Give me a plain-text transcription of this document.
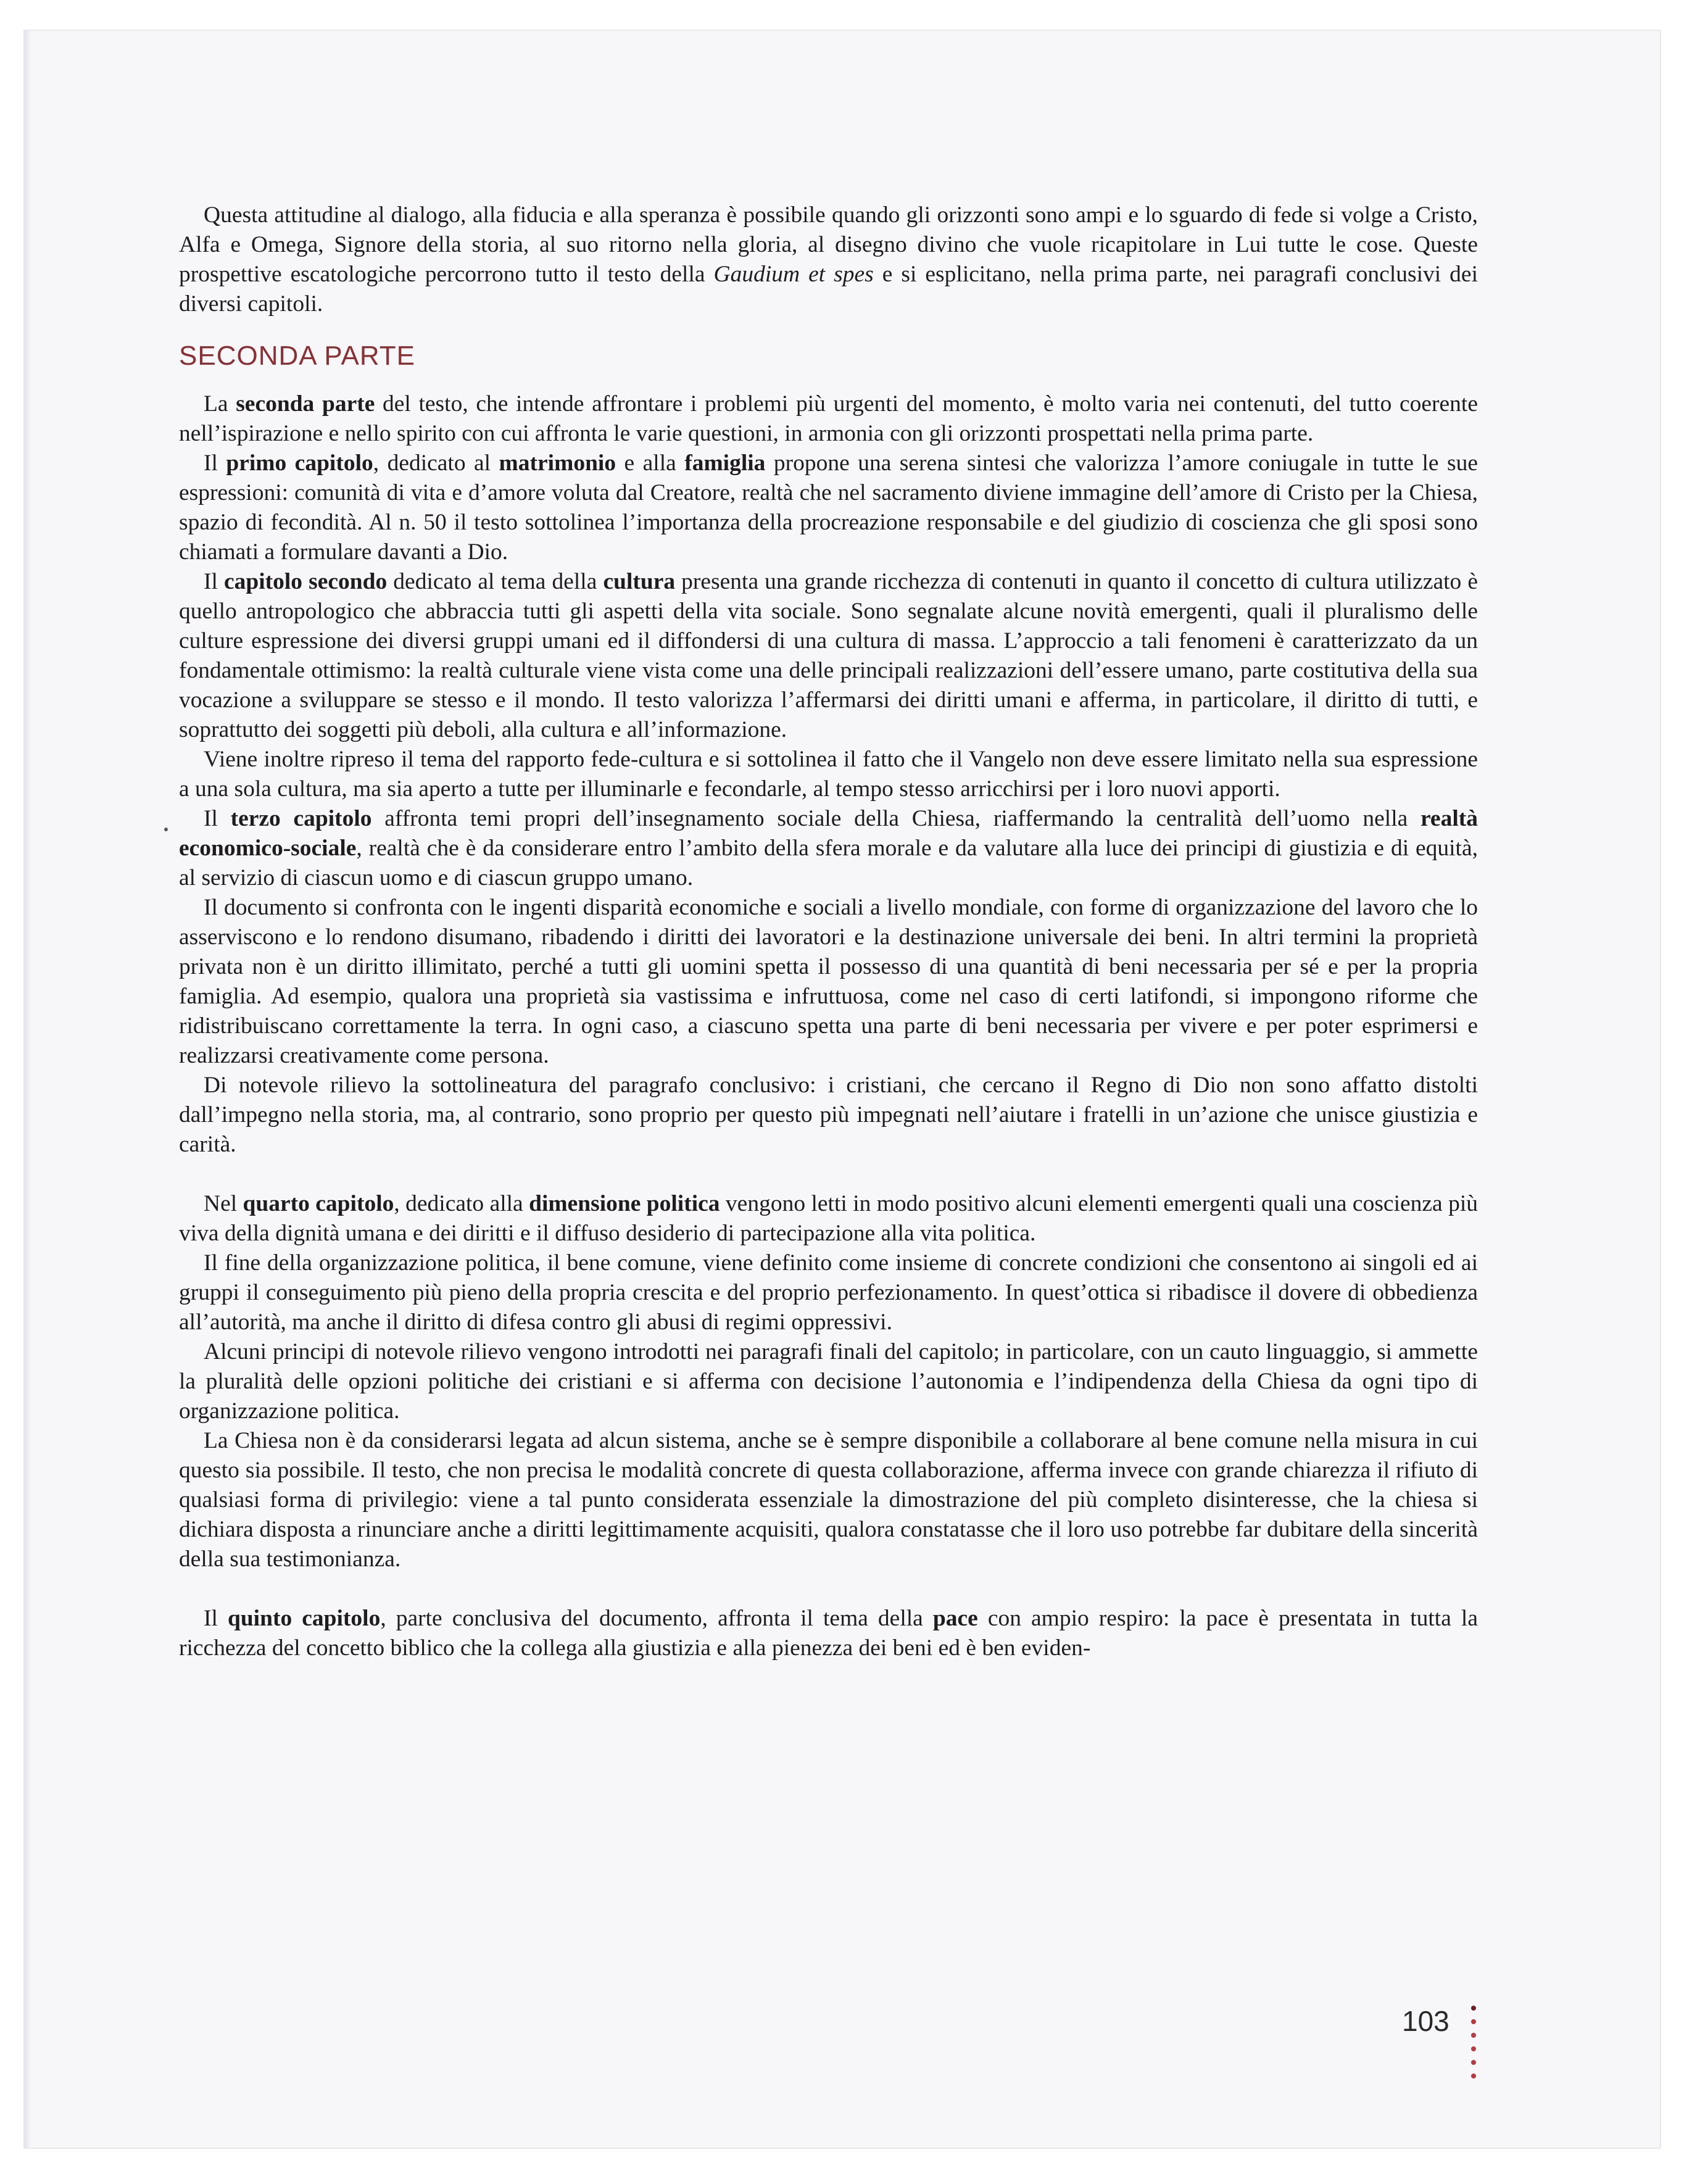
Questa attitudine al dialogo, alla fiducia e alla speranza è possibile quando gli orizzonti sono ampi e lo sguardo di fede si volge a Cristo, Alfa e Omega, Signore della storia, al suo ritorno nella gloria, al disegno divino che vuole ricapitolare in Lui tutte le cose. Queste prospettive escatologiche percorrono tutto il testo della Gaudium et spes e si esplicitano, nella prima parte, nei paragrafi conclusivi dei diversi capitoli.

SECONDA PARTE

La seconda parte del testo, che intende affrontare i problemi più urgenti del momento, è molto varia nei contenuti, del tutto coerente nell’ispirazione e nello spirito con cui affronta le varie questioni, in armonia con gli orizzonti prospettati nella prima parte.

Il primo capitolo, dedicato al matrimonio e alla famiglia propone una serena sintesi che valorizza l’amore coniugale in tutte le sue espressioni: comunità di vita e d’amore voluta dal Creatore, realtà che nel sacramento diviene immagine dell’amore di Cristo per la Chiesa, spazio di fecondità. Al n. 50 il testo sottolinea l’importanza della procreazione responsabile e del giudizio di coscienza che gli sposi sono chiamati a formulare davanti a Dio.

Il capitolo secondo dedicato al tema della cultura presenta una grande ricchezza di contenuti in quanto il concetto di cultura utilizzato è quello antropologico che abbraccia tutti gli aspetti della vita sociale. Sono segnalate alcune novità emergenti, quali il pluralismo delle culture espressione dei diversi gruppi umani ed il diffondersi di una cultura di massa. L’approccio a tali fenomeni è caratterizzato da un fondamentale ottimismo: la realtà culturale viene vista come una delle principali realizzazioni dell’essere umano, parte costitutiva della sua vocazione a sviluppare se stesso e il mondo. Il testo valorizza l’affermarsi dei diritti umani e afferma, in particolare, il diritto di tutti, e soprattutto dei soggetti più deboli, alla cultura e all’informazione.

Viene inoltre ripreso il tema del rapporto fede-cultura e si sottolinea il fatto che il Vangelo non deve essere limitato nella sua espressione a una sola cultura, ma sia aperto a tutte per illuminarle e fecondarle, al tempo stesso arricchirsi per i loro nuovi apporti.

Il terzo capitolo affronta temi propri dell’insegnamento sociale della Chiesa, riaffermando la centralità dell’uomo nella realtà economico-sociale, realtà che è da considerare entro l’ambito della sfera morale e da valutare alla luce dei principi di giustizia e di equità, al servizio di ciascun uomo e di ciascun gruppo umano.

Il documento si confronta con le ingenti disparità economiche e sociali a livello mondiale, con forme di organizzazione del lavoro che lo asserviscono e lo rendono disumano, ribadendo i diritti dei lavoratori e la destinazione universale dei beni. In altri termini la proprietà privata non è un diritto illimitato, perché a tutti gli uomini spetta il possesso di una quantità di beni necessaria per sé e per la propria famiglia. Ad esempio, qualora una proprietà sia vastissima e infruttuosa, come nel caso di certi latifondi, si impongono riforme che ridistribuiscano correttamente la terra. In ogni caso, a ciascuno spetta una parte di beni necessaria per vivere e per poter esprimersi e realizzarsi creativamente come persona.

Di notevole rilievo la sottolineatura del paragrafo conclusivo: i cristiani, che cercano il Regno di Dio non sono affatto distolti dall’impegno nella storia, ma, al contrario, sono proprio per questo più impegnati nell’aiutare i fratelli in un’azione che unisce giustizia e carità.

Nel quarto capitolo, dedicato alla dimensione politica vengono letti in modo positivo alcuni elementi emergenti quali una coscienza più viva della dignità umana e dei diritti e il diffuso desiderio di partecipazione alla vita politica.

Il fine della organizzazione politica, il bene comune, viene definito come insieme di concrete condizioni che consentono ai singoli ed ai gruppi il conseguimento più pieno della propria crescita e del proprio perfezionamento. In quest’ottica si ribadisce il dovere di obbedienza all’autorità, ma anche il diritto di difesa contro gli abusi di regimi oppressivi.

Alcuni principi di notevole rilievo vengono introdotti nei paragrafi finali del capitolo; in particolare, con un cauto linguaggio, si ammette la pluralità delle opzioni politiche dei cristiani e si afferma con decisione l’autonomia e l’indipendenza della Chiesa da ogni tipo di organizzazione politica.

La Chiesa non è da considerarsi legata ad alcun sistema, anche se è sempre disponibile a collaborare al bene comune nella misura in cui questo sia possibile. Il testo, che non precisa le modalità concrete di questa collaborazione, afferma invece con grande chiarezza il rifiuto di qualsiasi forma di privilegio: viene a tal punto considerata essenziale la dimostrazione del più completo disinteresse, che la chiesa si dichiara disposta a rinunciare anche a diritti legittimamente acquisiti, qualora constatasse che il loro uso potrebbe far dubitare della sincerità della sua testimonianza.

Il quinto capitolo, parte conclusiva del documento, affronta il tema della pace con ampio respiro: la pace è presentata in tutta la ricchezza del concetto biblico che la collega alla giustizia e alla pienezza dei beni ed è ben eviden-

103
